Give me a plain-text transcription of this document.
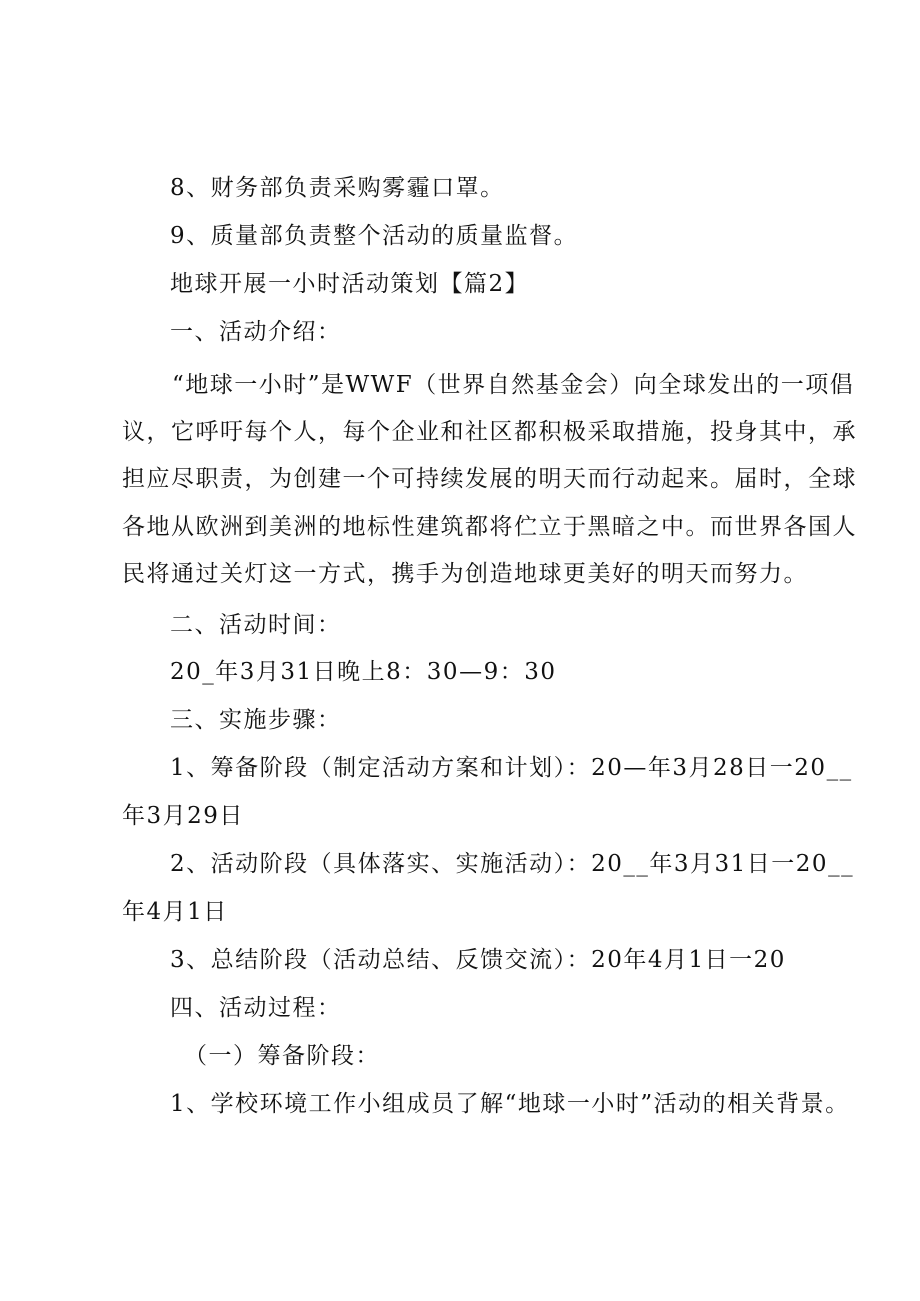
8、财务部负责采购雾霾口罩。
9、质量部负责整个活动的质量监督。
地球开展一小时活动策划【篇2】
一、活动介绍：
“地球一小时”是WWF（世界自然基金会）向全球发出的一项倡
议，它呼吁每个人，每个企业和社区都积极采取措施，投身其中，承
担应尽职责，为创建一个可持续发展的明天而行动起来。届时，全球
各地从欧洲到美洲的地标性建筑都将伫立于黑暗之中。而世界各国人
民将通过关灯这一方式，携手为创造地球更美好的明天而努力。
二、活动时间：
20_年3月31日晚上8：30—9：30
三、实施步骤：
1、筹备阶段（制定活动方案和计划）：20—年3月28日一20__
年3月29日
2、活动阶段（具体落实、实施活动）：20__年3月31日一20__
年4月1日
3、总结阶段（活动总结、反馈交流）：20年4月1日一20
四、活动过程：
（一）筹备阶段：
1、学校环境工作小组成员了解“地球一小时”活动的相关背景。
